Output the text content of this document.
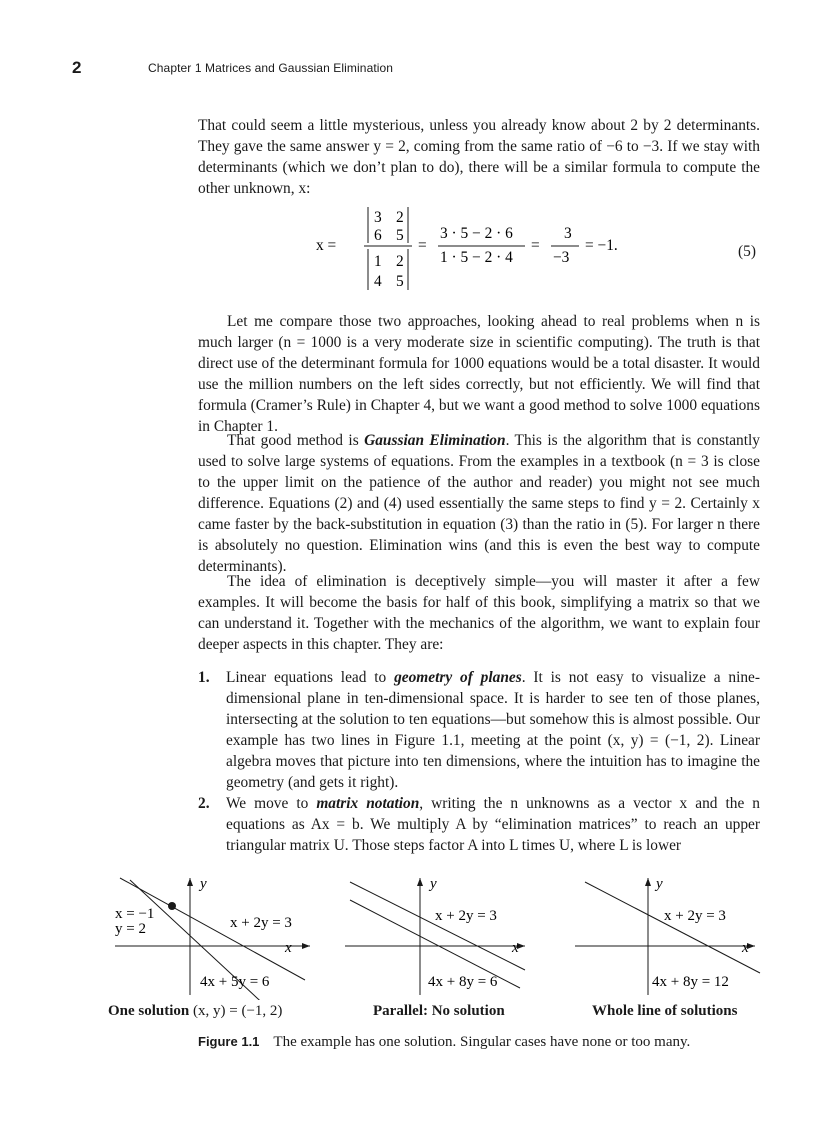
2	Chapter 1 Matrices and Gaussian Elimination

That could seem a little mysterious, unless you already know about 2 by 2 determinants. They gave the same answer y = 2, coming from the same ratio of −6 to −3. If we stay with determinants (which we don’t plan to do), there will be a similar formula to compute the other unknown, x:

x =
3 2
6 5
1 2
4 5
=
3 · 5 − 2 · 6
1 · 5 − 2 · 4
=
3
−3
= −1.	(5)

Let me compare those two approaches, looking ahead to real problems when n is much larger (n = 1000 is a very moderate size in scientific computing). The truth is that direct use of the determinant formula for 1000 equations would be a total disaster. It would use the million numbers on the left sides correctly, but not efficiently. We will find that formula (Cramer’s Rule) in Chapter 4, but we want a good method to solve 1000 equations in Chapter 1.

That good method is Gaussian Elimination. This is the algorithm that is constantly used to solve large systems of equations. From the examples in a textbook (n = 3 is close to the upper limit on the patience of the author and reader) you might not see much difference. Equations (2) and (4) used essentially the same steps to find y = 2. Certainly x came faster by the back-substitution in equation (3) than the ratio in (5). For larger n there is absolutely no question. Elimination wins (and this is even the best way to compute determinants).

The idea of elimination is deceptively simple—you will master it after a few examples. It will become the basis for half of this book, simplifying a matrix so that we can understand it. Together with the mechanics of the algorithm, we want to explain four deeper aspects in this chapter. They are:

1. Linear equations lead to geometry of planes. It is not easy to visualize a nine-dimensional plane in ten-dimensional space. It is harder to see ten of those planes, intersecting at the solution to ten equations—but somehow this is almost possible. Our example has two lines in Figure 1.1, meeting at the point (x, y) = (−1, 2). Linear algebra moves that picture into ten dimensions, where the intuition has to imagine the geometry (and gets it right).
2. We move to matrix notation, writing the n unknowns as a vector x and the n equations as Ax = b. We multiply A by “elimination matrices” to reach an upper triangular matrix U. Those steps factor A into L times U, where L is lower
y
x
x = −1
y = 2	x + 2y = 3
4x + 5y = 6
y
x
x + 2y = 3
4x + 8y = 6
y
x
x + 2y = 3
4x + 8y = 12
One solution (x, y) = (−1, 2)	Parallel: No solution	Whole line of solutions
Figure 1.1 The example has one solution. Singular cases have none or too many.
